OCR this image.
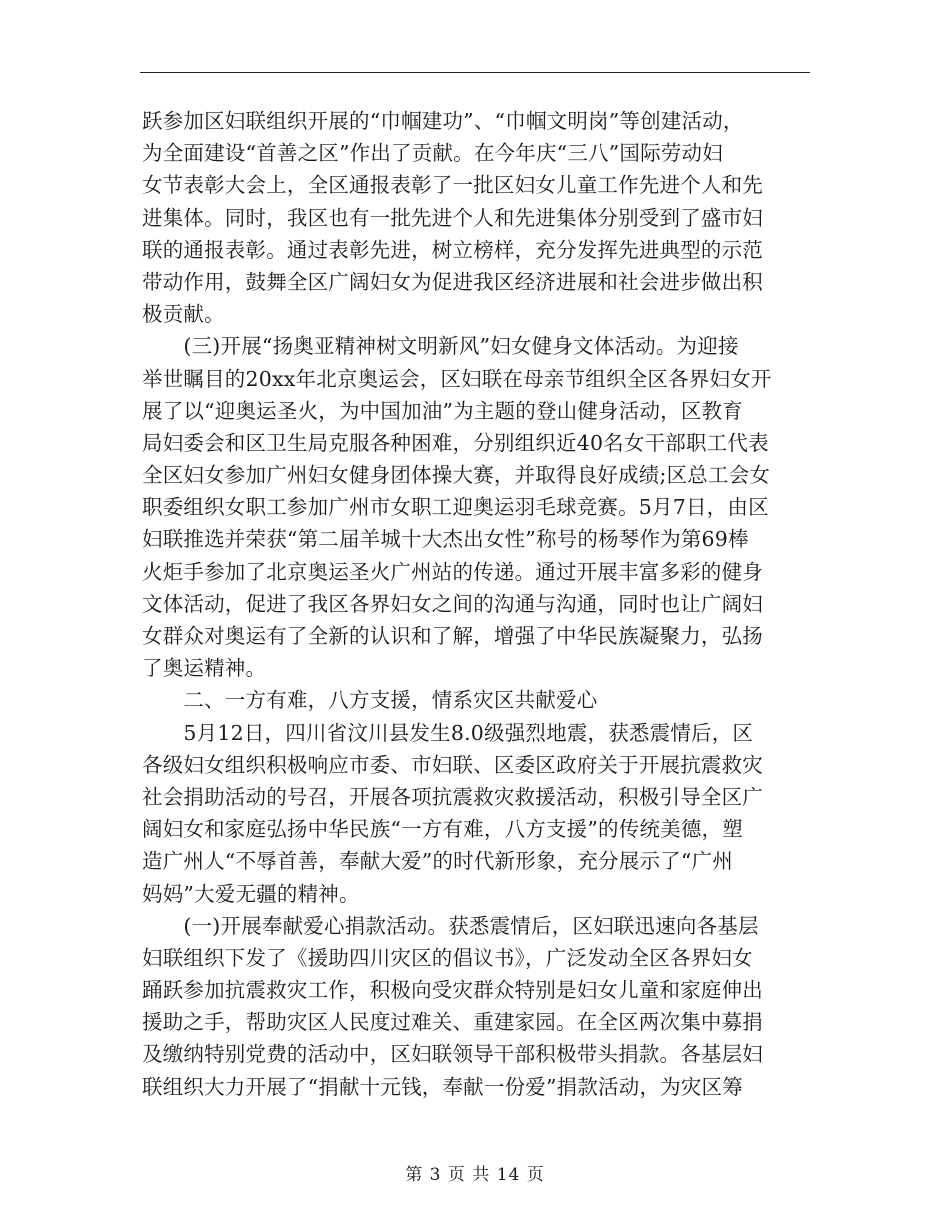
跃参加区妇联组织开展的“巾帼建功”、“巾帼文明岗”等创建活动，
为全面建设“首善之区”作出了贡献。在今年庆“三八”国际劳动妇
女节表彰大会上，全区通报表彰了一批区妇女儿童工作先进个人和先
进集体。同时，我区也有一批先进个人和先进集体分别受到了盛市妇
联的通报表彰。通过表彰先进，树立榜样，充分发挥先进典型的示范
带动作用，鼓舞全区广阔妇女为促进我区经济进展和社会进步做出积
极贡献。
　　(三)开展“扬奥亚精神树文明新风”妇女健身文体活动。为迎接
举世瞩目的20xx年北京奥运会，区妇联在母亲节组织全区各界妇女开
展了以“迎奥运圣火，为中国加油”为主题的登山健身活动，区教育
局妇委会和区卫生局克服各种困难，分别组织近40名女干部职工代表
全区妇女参加广州妇女健身团体操大赛，并取得良好成绩;区总工会女
职委组织女职工参加广州市女职工迎奥运羽毛球竞赛。5月7日，由区
妇联推选并荣获“第二届羊城十大杰出女性”称号的杨琴作为第69棒
火炬手参加了北京奥运圣火广州站的传递。通过开展丰富多彩的健身
文体活动，促进了我区各界妇女之间的沟通与沟通，同时也让广阔妇
女群众对奥运有了全新的认识和了解，增强了中华民族凝聚力，弘扬
了奥运精神。
　　二、一方有难，八方支援，情系灾区共献爱心
　　5月12日，四川省汶川县发生8.0级强烈地震，获悉震情后，区
各级妇女组织积极响应市委、市妇联、区委区政府关于开展抗震救灾
社会捐助活动的号召，开展各项抗震救灾救援活动，积极引导全区广
阔妇女和家庭弘扬中华民族“一方有难，八方支援”的传统美德，塑
造广州人“不辱首善，奉献大爱”的时代新形象，充分展示了“广州
妈妈”大爱无疆的精神。
　　(一)开展奉献爱心捐款活动。获悉震情后，区妇联迅速向各基层
妇联组织下发了《援助四川灾区的倡议书》，广泛发动全区各界妇女
踊跃参加抗震救灾工作，积极向受灾群众特别是妇女儿童和家庭伸出
援助之手，帮助灾区人民度过难关、重建家园。在全区两次集中募捐
及缴纳特别党费的活动中，区妇联领导干部积极带头捐款。各基层妇
联组织大力开展了“捐献十元钱，奉献一份爱”捐款活动，为灾区筹
第 3 页 共 14 页
